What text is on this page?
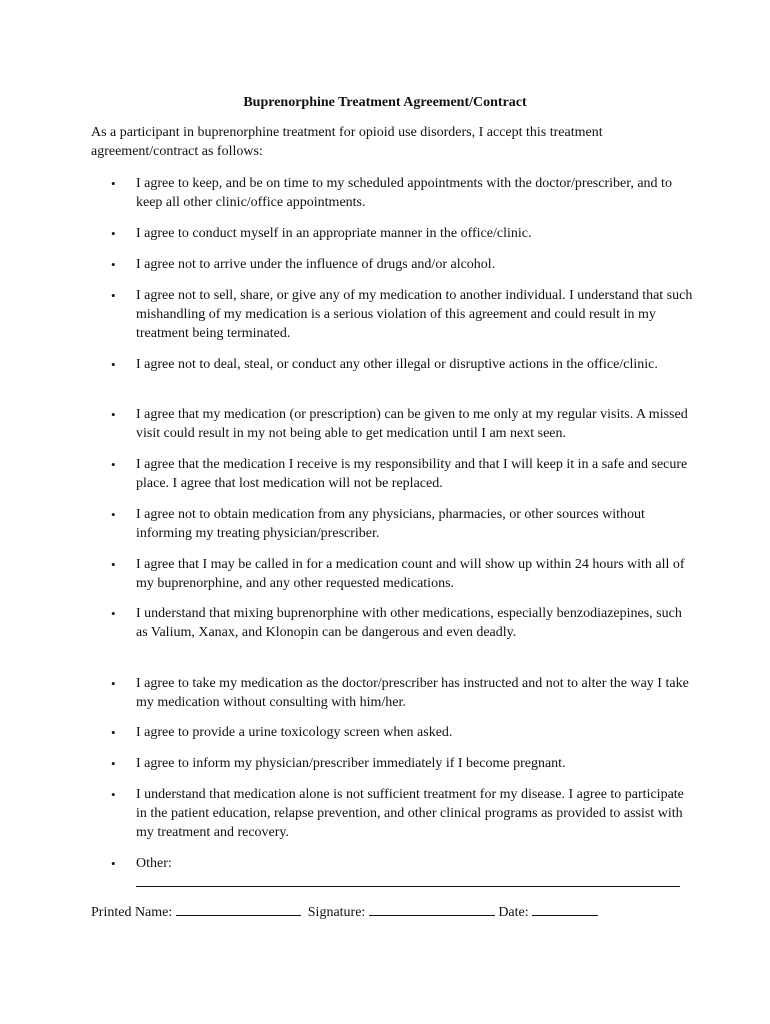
Buprenorphine Treatment Agreement/Contract
As a participant in buprenorphine treatment for opioid use disorders, I accept this treatment agreement/contract as follows:
• I agree to keep, and be on time to my scheduled appointments with the doctor/prescriber, and to keep all other clinic/office appointments.
• I agree to conduct myself in an appropriate manner in the office/clinic.
• I agree not to arrive under the influence of drugs and/or alcohol.
• I agree not to sell, share, or give any of my medication to another individual. I understand that such mishandling of my medication is a serious violation of this agreement and could result in my treatment being terminated.
• I agree not to deal, steal, or conduct any other illegal or disruptive actions in the office/clinic.
• I agree that my medication (or prescription) can be given to me only at my regular visits. A missed visit could result in my not being able to get medication until I am next seen.
• I agree that the medication I receive is my responsibility and that I will keep it in a safe and secure place. I agree that lost medication will not be replaced.
• I agree not to obtain medication from any physicians, pharmacies, or other sources without informing my treating physician/prescriber.
• I agree that I may be called in for a medication count and will show up within 24 hours with all of my buprenorphine, and any other requested medications.
• I understand that mixing buprenorphine with other medications, especially benzodiazepines, such as Valium, Xanax, and Klonopin can be dangerous and even deadly.
• I agree to take my medication as the doctor/prescriber has instructed and not to alter the way I take my medication without consulting with him/her.
• I agree to provide a urine toxicology screen when asked.
• I agree to inform my physician/prescriber immediately if I become pregnant.
• I understand that medication alone is not sufficient treatment for my disease. I agree to participate in the patient education, relapse prevention, and other clinical programs as provided to assist with my treatment and recovery.
• Other:
Printed Name:	Signature:	Date:
